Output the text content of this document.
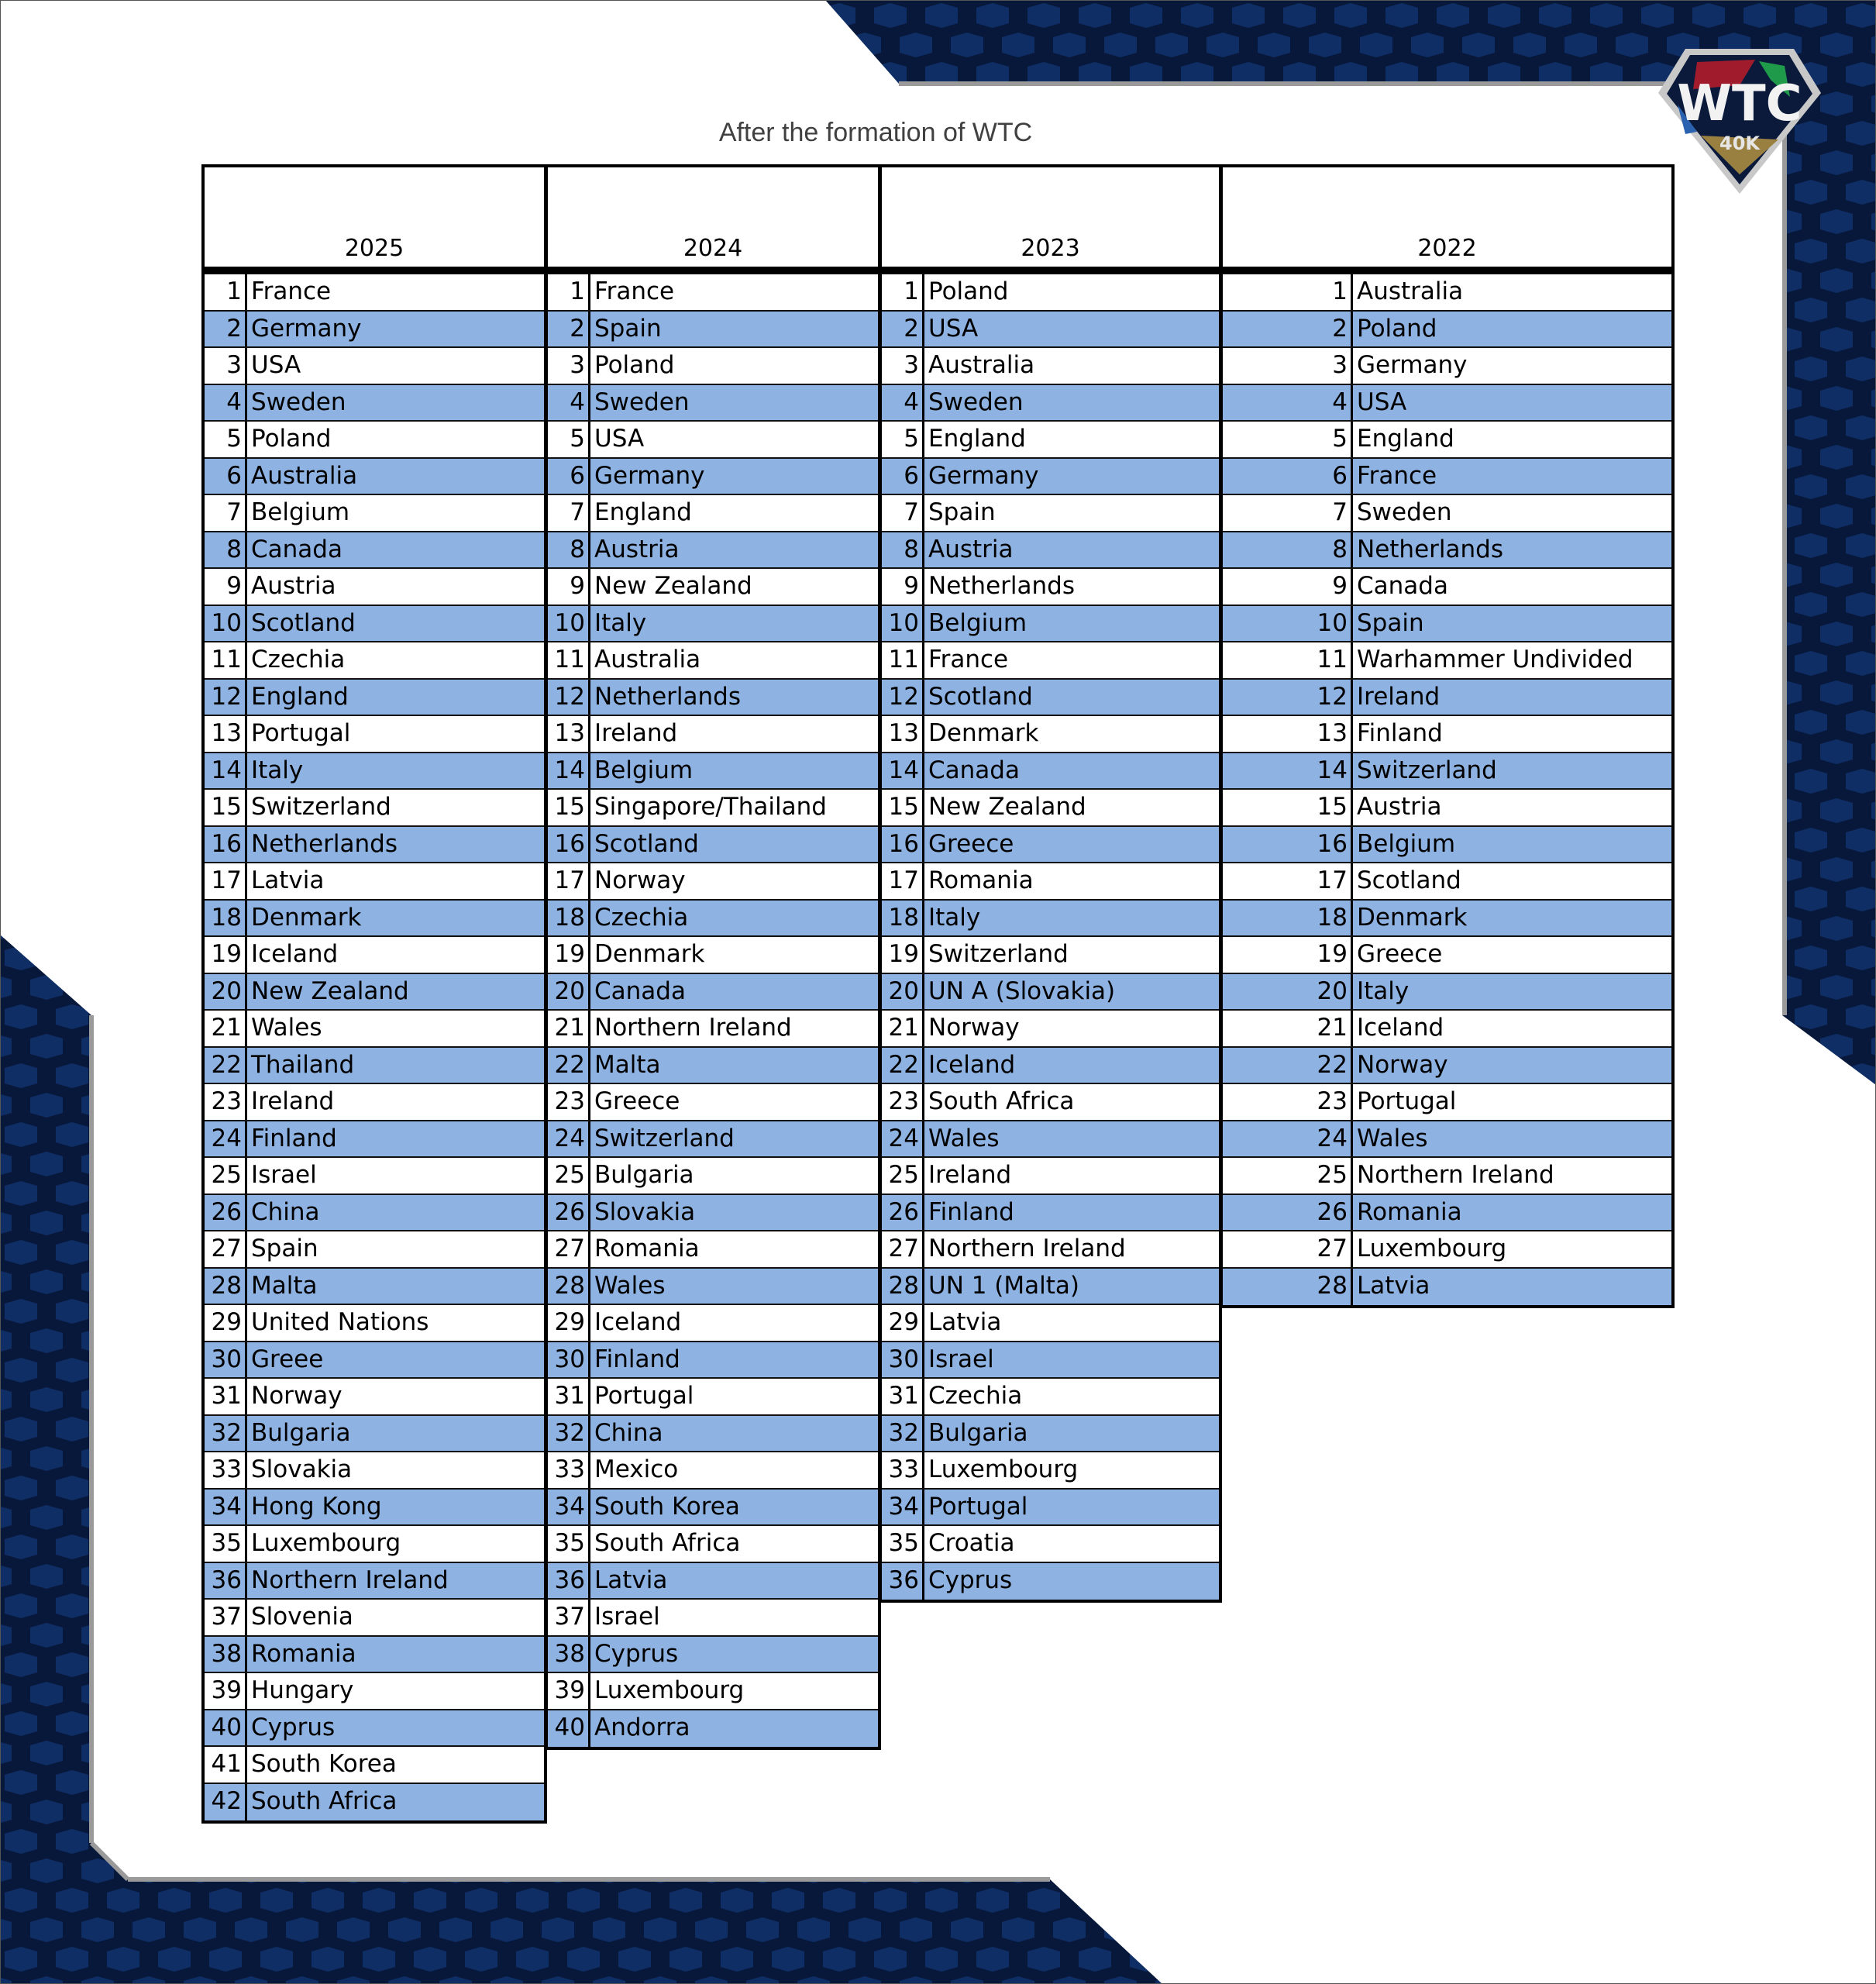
WTC
40K
After the formation of WTC
2025
1 France
2 Germany
3 USA
4 Sweden
5 Poland
6 Australia
7 Belgium
8 Canada
9 Austria
10 Scotland
11 Czechia
12 England
13 Portugal
14 Italy
15 Switzerland
16 Netherlands
17 Latvia
18 Denmark
19 Iceland
20 New Zealand
21 Wales
22 Thailand
23 Ireland
24 Finland
25 Israel
26 China
27 Spain
28 Malta
29 United Nations
30 Greee
31 Norway
32 Bulgaria
33 Slovakia
34 Hong Kong
35 Luxembourg
36 Northern Ireland
37 Slovenia
38 Romania
39 Hungary
40 Cyprus
41 South Korea
42 South Africa
2024
1 France
2 Spain
3 Poland
4 Sweden
5 USA
6 Germany
7 England
8 Austria
9 New Zealand
10 Italy
11 Australia
12 Netherlands
13 Ireland
14 Belgium
15 Singapore/Thailand
16 Scotland
17 Norway
18 Czechia
19 Denmark
20 Canada
21 Northern Ireland
22 Malta
23 Greece
24 Switzerland
25 Bulgaria
26 Slovakia
27 Romania
28 Wales
29 Iceland
30 Finland
31 Portugal
32 China
33 Mexico
34 South Korea
35 South Africa
36 Latvia
37 Israel
38 Cyprus
39 Luxembourg
40 Andorra
2023
1 Poland
2 USA
3 Australia
4 Sweden
5 England
6 Germany
7 Spain
8 Austria
9 Netherlands
10 Belgium
11 France
12 Scotland
13 Denmark
14 Canada
15 New Zealand
16 Greece
17 Romania
18 Italy
19 Switzerland
20 UN A (Slovakia)
21 Norway
22 Iceland
23 South Africa
24 Wales
25 Ireland
26 Finland
27 Northern Ireland
28 UN 1 (Malta)
29 Latvia
30 Israel
31 Czechia
32 Bulgaria
33 Luxembourg
34 Portugal
35 Croatia
36 Cyprus
2022
1 Australia
2 Poland
3 Germany
4 USA
5 England
6 France
7 Sweden
8 Netherlands
9 Canada
10 Spain
11 Warhammer Undivided
12 Ireland
13 Finland
14 Switzerland
15 Austria
16 Belgium
17 Scotland
18 Denmark
19 Greece
20 Italy
21 Iceland
22 Norway
23 Portugal
24 Wales
25 Northern Ireland
26 Romania
27 Luxembourg
28 Latvia
